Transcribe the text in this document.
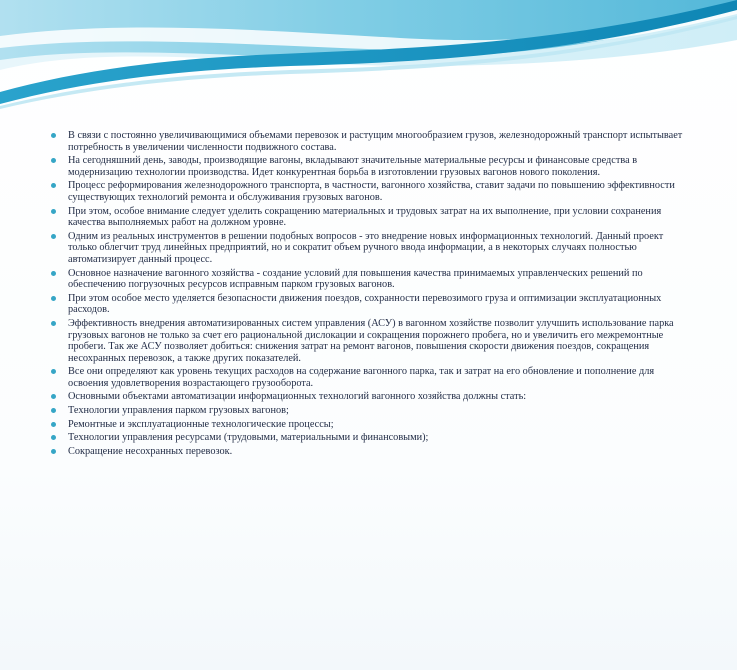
В связи с постоянно увеличивающимися объемами перевозок и растущим многообразием грузов, железнодорожный транспорт испытывает потребность в увеличении численности подвижного состава.
На сегодняшний день, заводы, производящие вагоны, вкладывают значительные материальные ресурсы и финансовые средства в модернизацию технологии производства. Идет конкурентная борьба в изготовлении грузовых вагонов нового поколения.
Процесс реформирования железнодорожного транспорта, в частности, вагонного хозяйства, ставит задачи по повышению эффективности существующих технологий ремонта и обслуживания грузовых вагонов.
При этом, особое внимание следует уделить сокращению материальных и трудовых затрат на их выполнение, при условии сохранения качества выполняемых работ на должном уровне.
Одним из реальных инструментов в решении подобных вопросов - это внедрение новых информационных технологий. Данный проект только облегчит труд линейных предприятий, но и сократит объем ручного ввода информации, а в некоторых случаях полностью автоматизирует данный процесс.
Основное назначение вагонного хозяйства - создание условий для повышения качества принимаемых управленческих решений по обеспечению погрузочных ресурсов исправным парком грузовых вагонов.
При этом особое место уделяется безопасности движения поездов, сохранности перевозимого груза и оптимизации эксплуатационных расходов.
Эффективность внедрения автоматизированных систем управления (АСУ) в вагонном хозяйстве позволит улучшить использование парка грузовых вагонов не только за счет его рациональной дислокации и сокращения порожнего пробега, но и увеличить его межремонтные пробеги. Так же АСУ позволяет добиться: снижения затрат на ремонт вагонов, повышения скорости движения поездов, сокращения несохранных перевозок, а также других показателей.
Все они определяют как уровень текущих расходов на содержание вагонного парка, так и затрат на его обновление и пополнение для освоения удовлетворения возрастающего грузооборота.
Основными объектами автоматизации информационных технологий вагонного хозяйства должны стать:
Технологии управления парком грузовых вагонов;
Ремонтные и эксплуатационные технологические процессы;
Технологии управления ресурсами (трудовыми, материальными и финансовыми);
Сокращение несохранных перевозок.
